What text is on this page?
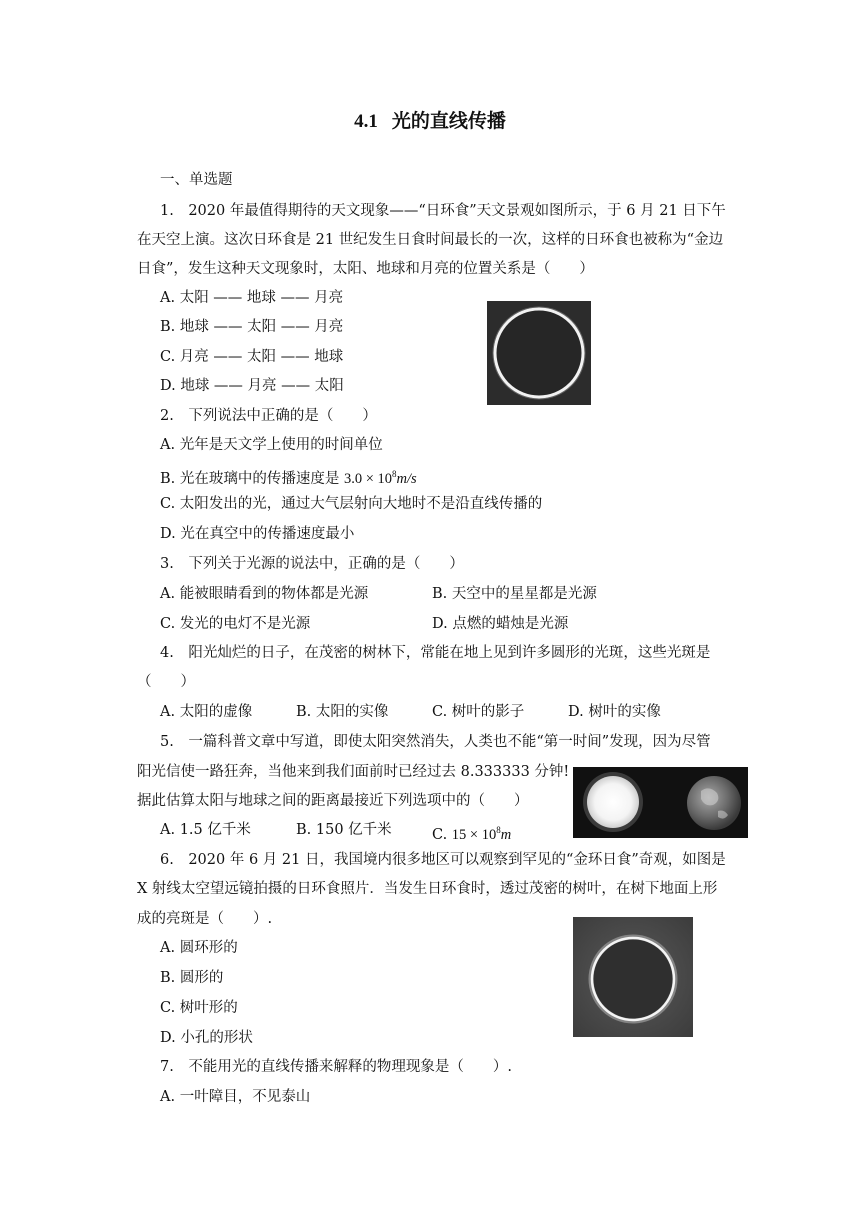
4.1 光的直线传播
一、单选题
1.　2020 年最值得期待的天文现象——“日环食”天文景观如图所示，于 6 月 21 日下午
在天空上演。这次日环食是 21 世纪发生日食时间最长的一次，这样的日环食也被称为“金边
日食”，发生这种天文现象时，太阳、地球和月亮的位置关系是（　　）
A. 太阳 —— 地球 —— 月亮
B. 地球 —— 太阳 —— 月亮
C. 月亮 —— 太阳 —— 地球
D. 地球 —— 月亮 —— 太阳
2.　下列说法中正确的是（　　）
A. 光年是天文学上使用的时间单位
B. 光在玻璃中的传播速度是 $3.0 \times 10^8m/s$
C. 太阳发出的光，通过大气层射向大地时不是沿直线传播的
D. 光在真空中的传播速度最小
3.　下列关于光源的说法中，正确的是（　　）
A. 能被眼睛看到的物体都是光源	B. 天空中的星星都是光源
C. 发光的电灯不是光源	D. 点燃的蜡烛是光源
4.　阳光灿烂的日子，在茂密的树林下，常能在地上见到许多圆形的光斑，这些光斑是
（　　）
A. 太阳的虚像	B. 太阳的实像	C. 树叶的影子	D. 树叶的实像
5.　一篇科普文章中写道，即使太阳突然消失，人类也不能“第一时间”发现，因为尽管
阳光信使一路狂奔，当他来到我们面前时已经过去 8.333333 分钟!
据此估算太阳与地球之间的距离最接近下列选项中的（　　）
A. 1.5 亿千米	B. 150 亿千米	C. $15 \times 10^8m$
6.　2020 年 6 月 21 日，我国境内很多地区可以观察到罕见的“金环日食”奇观，如图是
X 射线太空望远镜拍摄的日环食照片．当发生日环食时，透过茂密的树叶，在树下地面上形
成的亮斑是（　　）.
A. 圆环形的
B. 圆形的
C. 树叶形的
D. 小孔的形状
7.　不能用光的直线传播来解释的物理现象是（　　）.
A. 一叶障目，不见泰山
